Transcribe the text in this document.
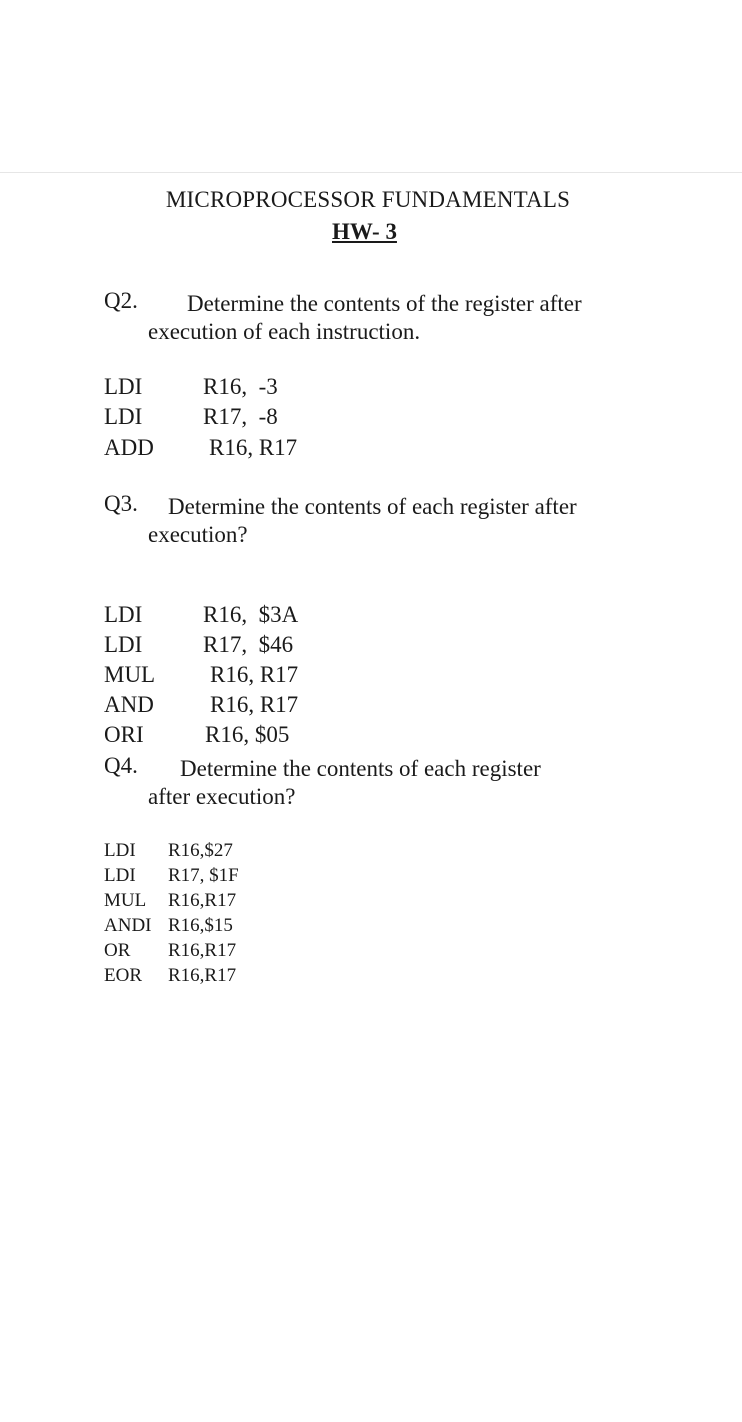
MICROPROCESSOR FUNDAMENTALS
HW- 3
Q2. Determine the contents of the register after
execution of each instruction.
LDI	R16,  -3
LDI	R17,  -8
ADD R16, R17
Q3. Determine the contents of each register after
execution?
LDI	R16,  $3A
LDI	R17,  $46
MUL R16, R17
AND R16, R17
ORI	R16, $05
Q4. Determine the contents of each register
after execution?
LDI R16,$27
LDI R17, $1F
MUL R16,R17
ANDI R16,$15
OR R16,R17
EOR R16,R17
